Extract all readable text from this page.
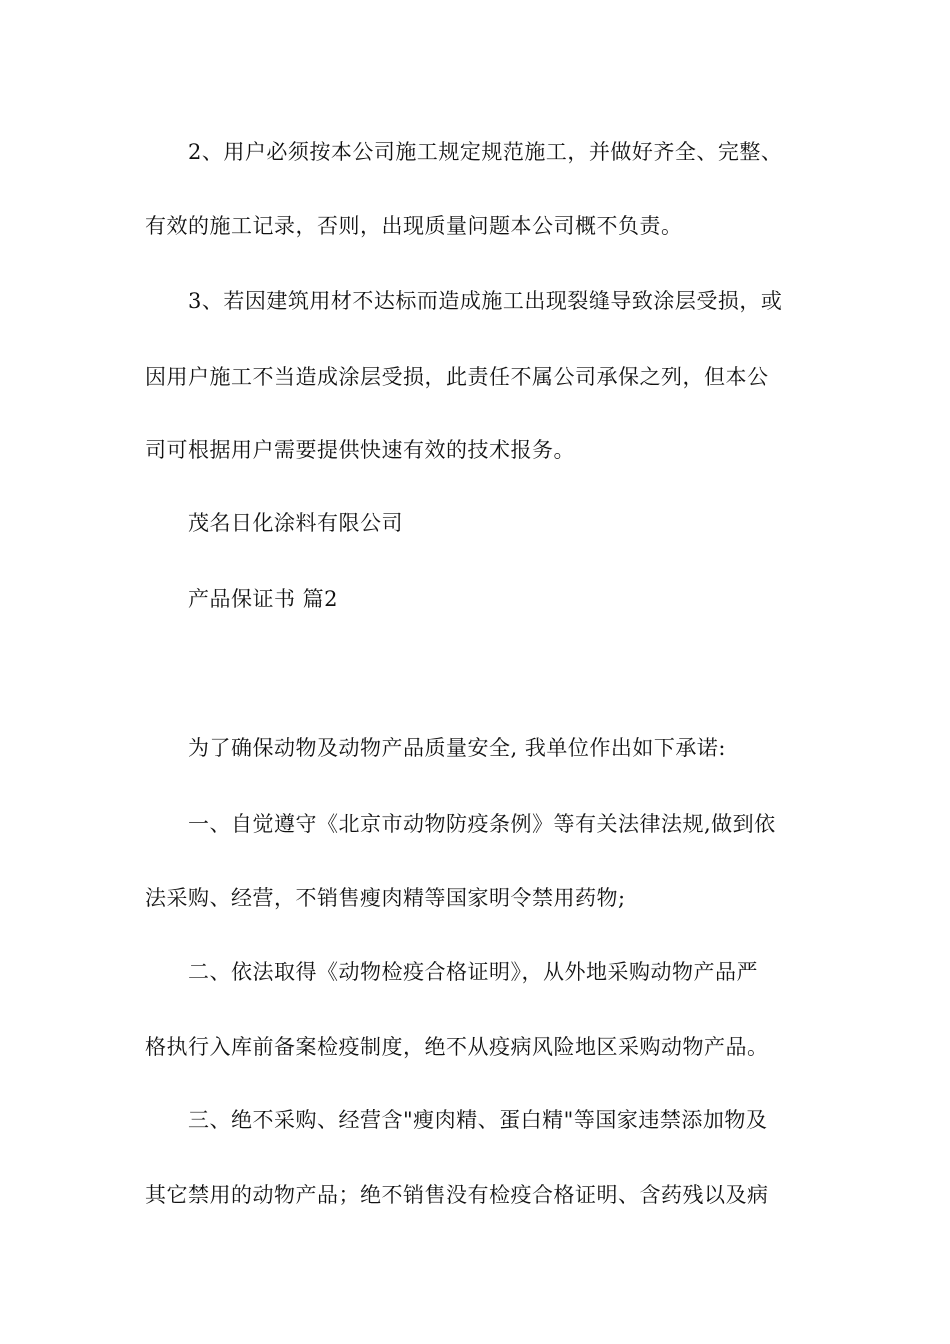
2、用户必须按本公司施工规定规范施工，并做好齐全、完整、
有效的施工记录，否则，出现质量问题本公司概不负责。
3、若因建筑用材不达标而造成施工出现裂缝导致涂层受损，或
因用户施工不当造成涂层受损，此责任不属公司承保之列，但本公
司可根据用户需要提供快速有效的技术报务。
茂名日化涂料有限公司
产品保证书 篇2
为了确保动物及动物产品质量安全, 我单位作出如下承诺:
一、自觉遵守《北京市动物防疫条例》等有关法律法规,做到依
法采购、经营，不销售瘦肉精等国家明令禁用药物;
二、依法取得《动物检疫合格证明》，从外地采购动物产品严
格执行入库前备案检疫制度，绝不从疫病风险地区采购动物产品。
三、绝不采购、经营含"瘦肉精、蛋白精"等国家违禁添加物及
其它禁用的动物产品；绝不销售没有检疫合格证明、含药残以及病
